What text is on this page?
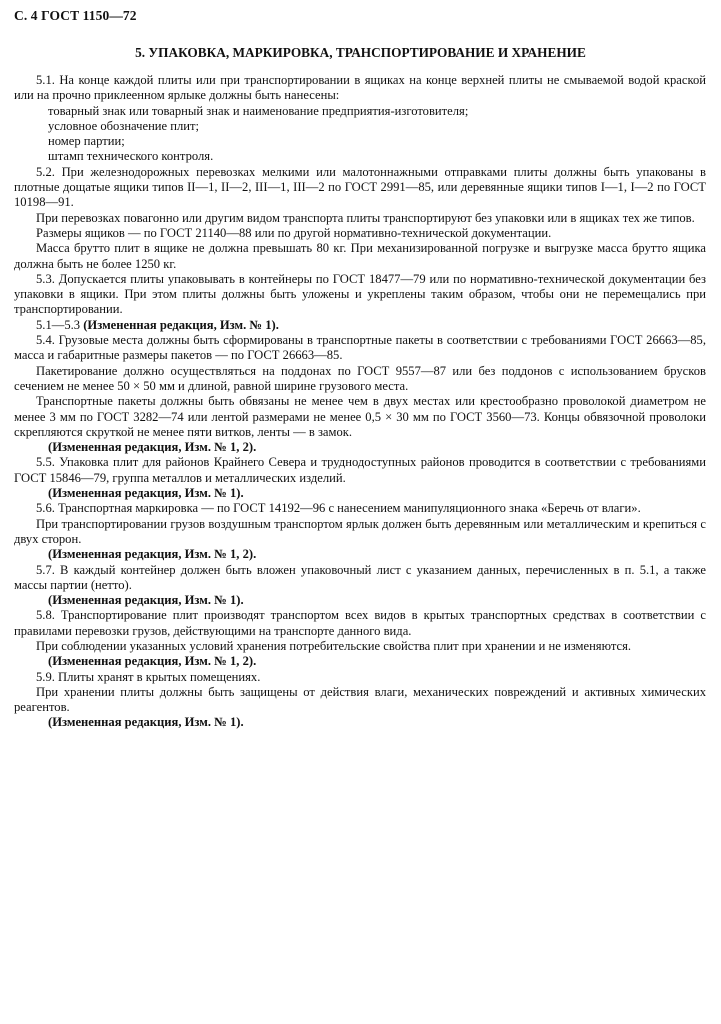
С. 4 ГОСТ 1150—72
5. УПАКОВКА, МАРКИРОВКА, ТРАНСПОРТИРОВАНИЕ И ХРАНЕНИЕ

5.1. На конце каждой плиты или при транспортировании в ящиках на конце верхней плиты не смываемой водой краской или на прочно приклеенном ярлыке должны быть нанесены:

товарный знак или товарный знак и наименование предприятия-изготовителя;

условное обозначение плит;

номер партии;

штамп технического контроля.

5.2. При железнодорожных перевозках мелкими или малотоннажными отправками плиты должны быть упакованы в плотные дощатые ящики типов II—1, II—2, III—1, III—2 по ГОСТ 2991—85, или деревянные ящики типов I—1, I—2 по ГОСТ 10198—91.

При перевозках повагонно или другим видом транспорта плиты транспортируют без упаковки или в ящиках тех же типов.

Размеры ящиков — по ГОСТ 21140—88 или по другой нормативно-технической документации.

Масса брутто плит в ящике не должна превышать 80 кг. При механизированной погрузке и выгрузке масса брутто ящика должна быть не более 1250 кг.

5.3. Допускается плиты упаковывать в контейнеры по ГОСТ 18477—79 или по нормативно-технической документации без упаковки в ящики. При этом плиты должны быть уложены и укреплены таким образом, чтобы они не перемещались при транспортировании.

5.1—5.3 (Измененная редакция, Изм. № 1).

5.4. Грузовые места должны быть сформированы в транспортные пакеты в соответствии с требованиями ГОСТ 26663—85, масса и габаритные размеры пакетов — по ГОСТ 26663—85.

Пакетирование должно осуществляться на поддонах по ГОСТ 9557—87 или без поддонов с использованием брусков сечением не менее 50 × 50 мм и длиной, равной ширине грузового места.

Транспортные пакеты должны быть обвязаны не менее чем в двух местах или крестообразно проволокой диаметром не менее 3 мм по ГОСТ 3282—74 или лентой размерами не менее 0,5 × 30 мм по ГОСТ 3560—73. Концы обвязочной проволоки скрепляются скруткой не менее пяти витков, ленты — в замок.

(Измененная редакция, Изм. № 1, 2).

5.5. Упаковка плит для районов Крайнего Севера и труднодоступных районов проводится в соответствии с требованиями ГОСТ 15846—79, группа металлов и металлических изделий.

(Измененная редакция, Изм. № 1).

5.6. Транспортная маркировка — по ГОСТ 14192—96 с нанесением манипуляционного знака «Беречь от влаги».

При транспортировании грузов воздушным транспортом ярлык должен быть деревянным или металлическим и крепиться с двух сторон.

(Измененная редакция, Изм. № 1, 2).

5.7. В каждый контейнер должен быть вложен упаковочный лист с указанием данных, перечисленных в п. 5.1, а также массы партии (нетто).

(Измененная редакция, Изм. № 1).

5.8. Транспортирование плит производят транспортом всех видов в крытых транспортных средствах в соответствии с правилами перевозки грузов, действующими на транспорте данного вида.

При соблюдении указанных условий хранения потребительские свойства плит при хранении и не изменяются.

(Измененная редакция, Изм. № 1, 2).

5.9. Плиты хранят в крытых помещениях.

При хранении плиты должны быть защищены от действия влаги, механических повреждений и активных химических реагентов.

(Измененная редакция, Изм. № 1).
